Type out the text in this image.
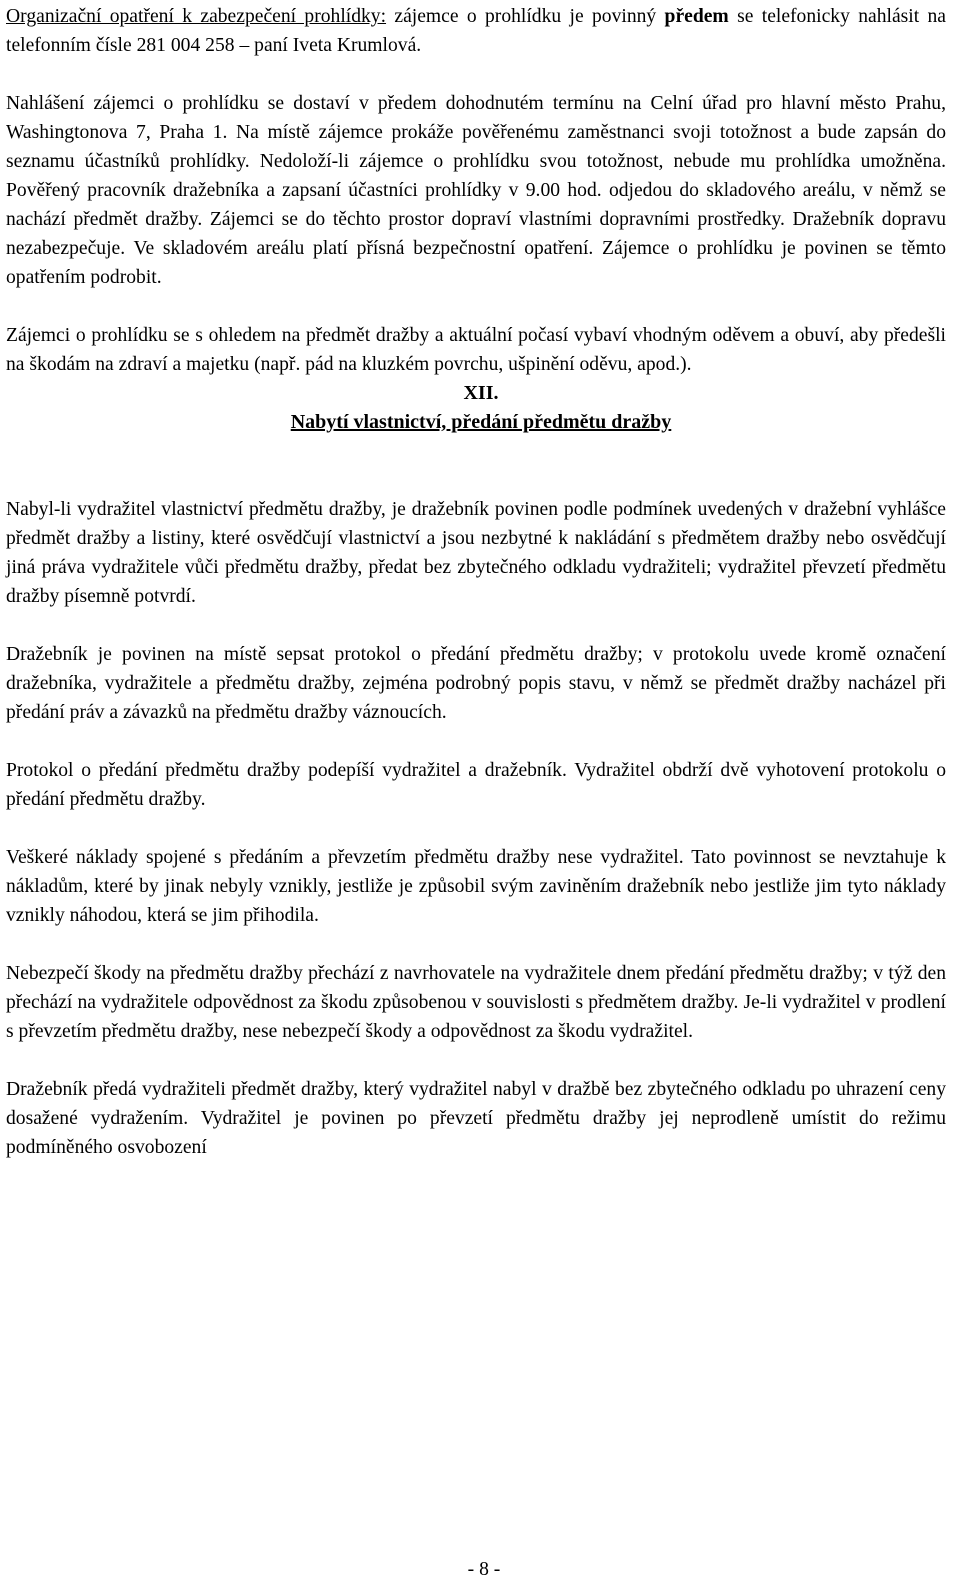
Organizační opatření k zabezpečení prohlídky: zájemce o prohlídku je povinný předem se telefonicky nahlásit na telefonním čísle 281 004 258 – paní Iveta Krumlová.

Nahlášení zájemci o prohlídku se dostaví v předem dohodnutém termínu na Celní úřad pro hlavní město Prahu, Washingtonova 7, Praha 1. Na místě zájemce prokáže pověřenému zaměstnanci svoji totožnost a bude zapsán do seznamu účastníků prohlídky. Nedoloží-li zájemce o prohlídku svou totožnost, nebude mu prohlídka umožněna. Pověřený pracovník dražebníka a zapsaní účastníci prohlídky v 9.00 hod. odjedou do skladového areálu, v němž se nachází předmět dražby. Zájemci se do těchto prostor dopraví vlastními dopravními prostředky. Dražebník dopravu nezabezpečuje. Ve skladovém areálu platí přísná bezpečnostní opatření. Zájemce o prohlídku je povinen se těmto opatřením podrobit.

Zájemci o prohlídku se s ohledem na předmět dražby a aktuální počasí vybaví vhodným oděvem a obuví, aby předešli na škodám na zdraví a majetku (např. pád na kluzkém povrchu, ušpinění oděvu, apod.).

XII.
Nabytí vlastnictví, předání předmětu dražby

Nabyl-li vydražitel vlastnictví předmětu dražby, je dražebník povinen podle podmínek uvedených v dražební vyhlášce předmět dražby a listiny, které osvědčují vlastnictví a jsou nezbytné k nakládání s předmětem dražby nebo osvědčují jiná práva vydražitele vůči předmětu dražby, předat bez zbytečného odkladu vydražiteli; vydražitel převzetí předmětu dražby písemně potvrdí.

Dražebník je povinen na místě sepsat protokol o předání předmětu dražby; v protokolu uvede kromě označení dražebníka, vydražitele a předmětu dražby, zejména podrobný popis stavu, v němž se předmět dražby nacházel při předání práv a závazků na předmětu dražby váznoucích.

Protokol o předání předmětu dražby podepíší vydražitel a dražebník. Vydražitel obdrží dvě vyhotovení protokolu o předání předmětu dražby.

Veškeré náklady spojené s předáním a převzetím předmětu dražby nese vydražitel. Tato povinnost se nevztahuje k nákladům, které by jinak nebyly vznikly, jestliže je způsobil svým zaviněním dražebník nebo jestliže jim tyto náklady vznikly náhodou, která se jim přihodila.

Nebezpečí škody na předmětu dražby přechází z navrhovatele na vydražitele dnem předání předmětu dražby; v týž den přechází na vydražitele odpovědnost za škodu způsobenou v souvislosti s předmětem dražby. Je-li vydražitel v prodlení s převzetím předmětu dražby, nese nebezpečí škody a odpovědnost za škodu vydražitel.

Dražebník předá vydražiteli předmět dražby, který vydražitel nabyl v dražbě bez zbytečného odkladu po uhrazení ceny dosažené vydražením. Vydražitel je povinen po převzetí předmětu dražby jej neprodleně umístit do režimu podmíněného osvobození

- 8 -
